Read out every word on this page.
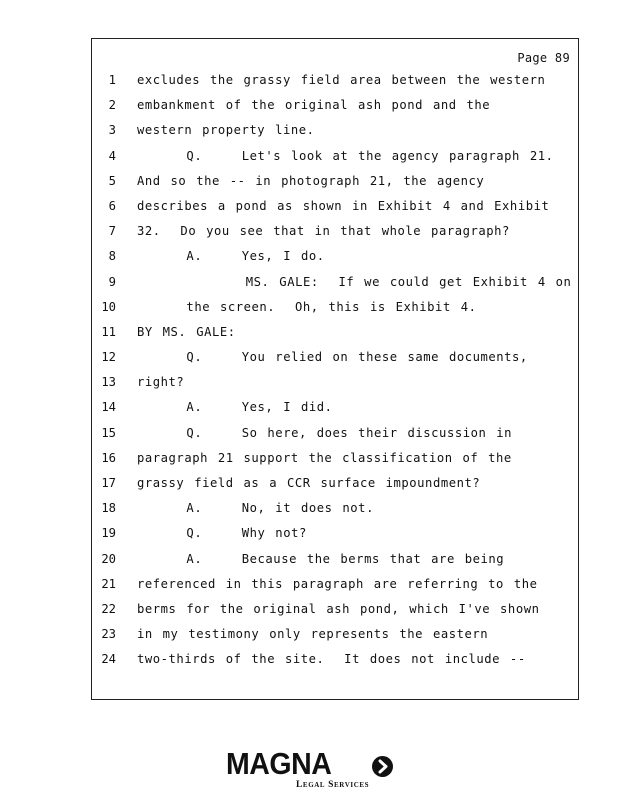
Page 89
1 excludes the grassy field area between the western
2 embankment of the original ash pond and the
3 western property line.
4 Q.    Let's look at the agency paragraph 21.
5 And so the -- in photograph 21, the agency
6 describes a pond as shown in Exhibit 4 and Exhibit
7 32.  Do you see that in that whole paragraph?
8 A.    Yes, I do.
9 MS. GALE:  If we could get Exhibit 4 on
10 the screen.  Oh, this is Exhibit 4.
11 BY MS. GALE:
12 Q.    You relied on these same documents,
13 right?
14 A.    Yes, I did.
15 Q.    So here, does their discussion in
16 paragraph 21 support the classification of the
17 grassy field as a CCR surface impoundment?
18 A.    No, it does not.
19 Q.    Why not?
20 A.    Because the berms that are being
21 referenced in this paragraph are referring to the
22 berms for the original ash pond, which I've shown
23 in my testimony only represents the eastern
24 two-thirds of the site.  It does not include --
MAGNA
Legal Services
